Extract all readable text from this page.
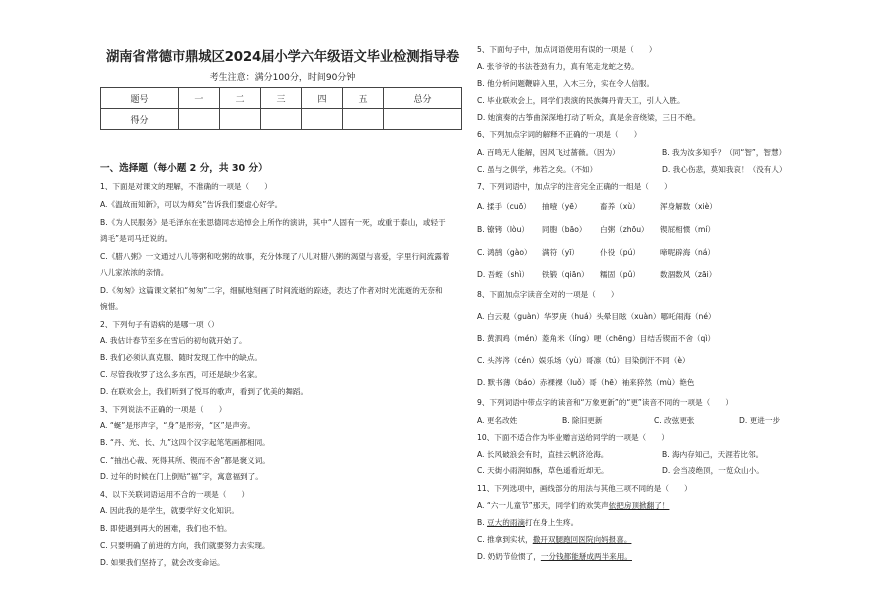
湖南省常德市鼎城区2024届小学六年级语文毕业检测指导卷
考生注意：满分100分，时间90分钟
题号	一	二	三	四	五	总分
得分						
一、选择题（每小题 2 分，共 30 分）
1、下面是对课文的理解，不准确的一项是（　　）
A.《温故而知新》，可以为师矣”告诉我们要虚心好学。
B.《为人民服务》是毛泽东在张思德同志追悼会上所作的演讲，其中“人固有一死，或重于泰山，或轻于
鸿毛”是司马迁说的。
C.《腊八粥》一文通过八儿等粥和吃粥的故事，充分体现了八儿对腊八粥的渴望与喜爱，字里行间流露着
八儿家浓浓的亲情。
D.《匆匆》这篇课文紧扣“匆匆”二字，细腻地刻画了时间流逝的踪迹，表达了作者对时光流逝的无奈和
惋惜。
2、下列句子有语病的是哪一项（）
A. 我估计春节至多在雪后的初旬就开始了。
B. 我们必须认真克服、随时发现工作中的缺点。
C. 尽管我收罗了这么多东西，可还是缺少名家。
D. 在联欢会上，我们听到了悦耳的歌声，看到了优美的舞蹈。
3、下列说法不正确的一项是（　　）
A. “蜒”是形声字，“身”是形旁，“区”是声旁。
B. “丹、光、长、九”这四个汉字起笔笔画都相同。
C. “抽出心裁、死得其所、锲而不舍”都是褒义词。
D. 过年的时候在门上倒贴“福”字，寓意福到了。
4、以下关联词语运用不合的一项是（　　）
A. 因此我的是学生，就要学好文化知识。
B. 即使遇到再大的困难，我们也不怕。
C. 只要明确了前进的方向，我们就要努力去实现。
D. 如果我们坚持了，就会改变命运。
5、下面句子中，加点词语使用有误的一项是（　　）
A. 张爷爷的书法苍劲有力，真有笔走龙蛇之势。
B. 他分析问题鞭辟入里，入木三分，实在令人信服。
C. 毕业联欢会上，同学们表演的民族舞丹青天工，引人入胜。
D. 她演奏的古筝曲深深地打动了听众，真是余音绕梁，三日不绝。
6、下列加点字词的解释不正确的一项是（　　）
A. 百鸣无人能解，因风飞过蔷薇。（因为）	B. 我为汝多知乎？（同“智”，智慧）
C. 虽与之俱学，弗若之矣。（不如）	D. 我心伤悲，莫知我哀！（没有人）
7、下列词语中，加点字的注音完全正确的一组是（　　）
A. 揉手（cuō） 抽噎（yē） 畜养（xù）	浑身解数（xiè）
B. 镣铐（lòu） 同胞（bāo） 白粥（zhōu） 锲屁相惯（mí）
C. 鸿鹄（gào） 满符（yī）	仆役（pú）	啼呢辟海（ná）
D. 吾蛭（shì） 铁锻（qiān） 糯固（pǔ）	数涸数风（zāi）
8、下面加点字读音全对的一项是（　　）
A. 白云观（guàn）华罗庚（huá）头晕目眩（xuàn）哪吒闹海（né）
B. 黄泗鸡（mén）菱角米（líng）哽（chēng）目结舌锲而不舍（qì）
C. 头涔涔（cén）娱乐场（yù）哥凛（tú）目染倒汗不同（è）
D. 默书薄（báo）赤裸裸（luǒ）哥（hē）袖来猝然（mù）艳色
9、下列词语中带点字的读音和“万象更新”的“更”读音不同的一项是（　　）
A. 更名改姓	B. 除旧更新	C. 改弦更张	D. 更进一步
10、下面不适合作为毕业赠言送给同学的一项是（　　）
A. 长风破浪会有时，直挂云帆济沧海。	B. 海内存知己，天涯若比邻。
C. 天街小雨润如酥，草色遥看近却无。	D. 会当凌绝顶，一览众山小。
11、下列选项中，画线部分的用法与其他三项不同的是（　　）
A. “六一儿童节”那天，同学们的欢笑声依把房顶掀翻了！
B. 豆大的雨滴打在身上生疼。
C. 推拿到实状，撒开双腿跑回医院向妈报喜。
D. 奶奶节俭惯了，一分钱都能掰成两半来用。
